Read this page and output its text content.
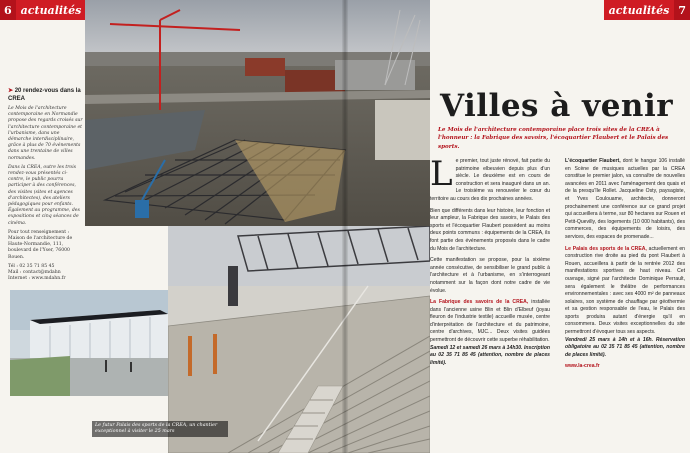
6 actualités
➤ 20 rendez-vous dans la CREA

Le Mois de l'architecture contemporaine en Normandie propose des regards croisés sur l'architecture contemporaine et l'urbanisme, dans une démarche interdisciplinaire, grâce à plus de 70 événements dans une trentaine de villes normandes.

Dans la CREA, outre les trois rendez-vous présentés ci-contre, le public pourra participer à des conférences, des visites (sites et agences d'architectes), des ateliers pédagogiques pour enfants. Également au programme, des expositions et cinq séances de cinéma.

Pour tout renseignement : Maison de l'architecture de Haute-Normandie, 111, boulevard de l'Yser, 76000 Rouen.

Tél : 02 35 71 85 45

Mail : contact@mdahn

Internet : www.mdahn.fr

actualités 7
Le futur Palais des sports de la CREA, un chantier exceptionnel à visiter le 25 mars
Villes à venir
Le Mois de l'architecture contemporaine place trois sites de la CREA à l'honneur : la Fabrique des savoirs, l'écoquartier Flaubert et le Palais des sports.

Le premier, tout juste rénové, fait partie du patrimoine elbeuvien depuis plus d'un siècle. Le deuxième est en cours de construction et sera inauguré dans un an. Le troisième va renouveler le cœur du territoire au cours des dix prochaines années.

Bien que différents dans leur histoire, leur fonction et leur ampleur, la Fabrique des savoirs, le Palais des sports et l'écoquartier Flaubert possèdent au moins deux points communs : équipements de la CREA, ils font partie des événements proposés dans le cadre du Mois de l'architecture.

Cette manifestation se propose, pour la sixième année consécutive, de sensibiliser le grand public à l'architecture et à l'urbanisme, en s'interrogeant notamment sur la façon dont notre cadre de vie évolue.

La Fabrique des savoirs de la CREA, installée dans l'ancienne usine Blin et Blin d'Elbeuf (joyau fleuron de l'industrie textile) accueille musée, centre d'interprétation de l'architecture et du patrimoine, centre d'archives, MJC... Deux visites guidées permettront de découvrir cette superbe réhabilitation.
Samedi 12 et samedi 26 mars à 14h30. Inscription au 02 35 71 85 45 (attention, nombre de places limité).

L'écoquartier Flaubert, dont le hangar 106 installé en Scène de musiques actuelles par la CREA constitue le premier jalon, va connaître de nouvelles avancées en 2011 avec l'aménagement des quais et de la presqu'île Rollet. Jacqueline Osty, paysagiste, et Yves Coulouame, architecte, donneront prochainement une conférence sur ce grand projet qui accueillera à terme, sur 80 hectares sur Rouen et Petit-Quevilly, des logements (10 000 habitants), des commerces, des équipements de loisirs, des services, des espaces de promenade...

Le Palais des sports de la CREA, actuellement en construction rive droite au pied du pont Flaubert à Rouen, accueillera à partir de la rentrée 2012 des manifestations sportives de haut niveau. Cet ouvrage, signé par l'architecte Dominique Perrault, sera également le théâtre de performances environnementales : avec ses 4000 m² de panneaux solaires, son système de chauffage par géothermie et sa gestion responsable de l'eau, le Palais des sports produira autant d'énergie qu'il en consommera. Deux visites exceptionnelles du site permettront d'évoquer tous ses aspects.
Vendredi 25 mars à 14h et à 16h. Réservation obligatoire au 02 35 71 85 45 (attention, nombre de places limité).

www.la-crea.fr
